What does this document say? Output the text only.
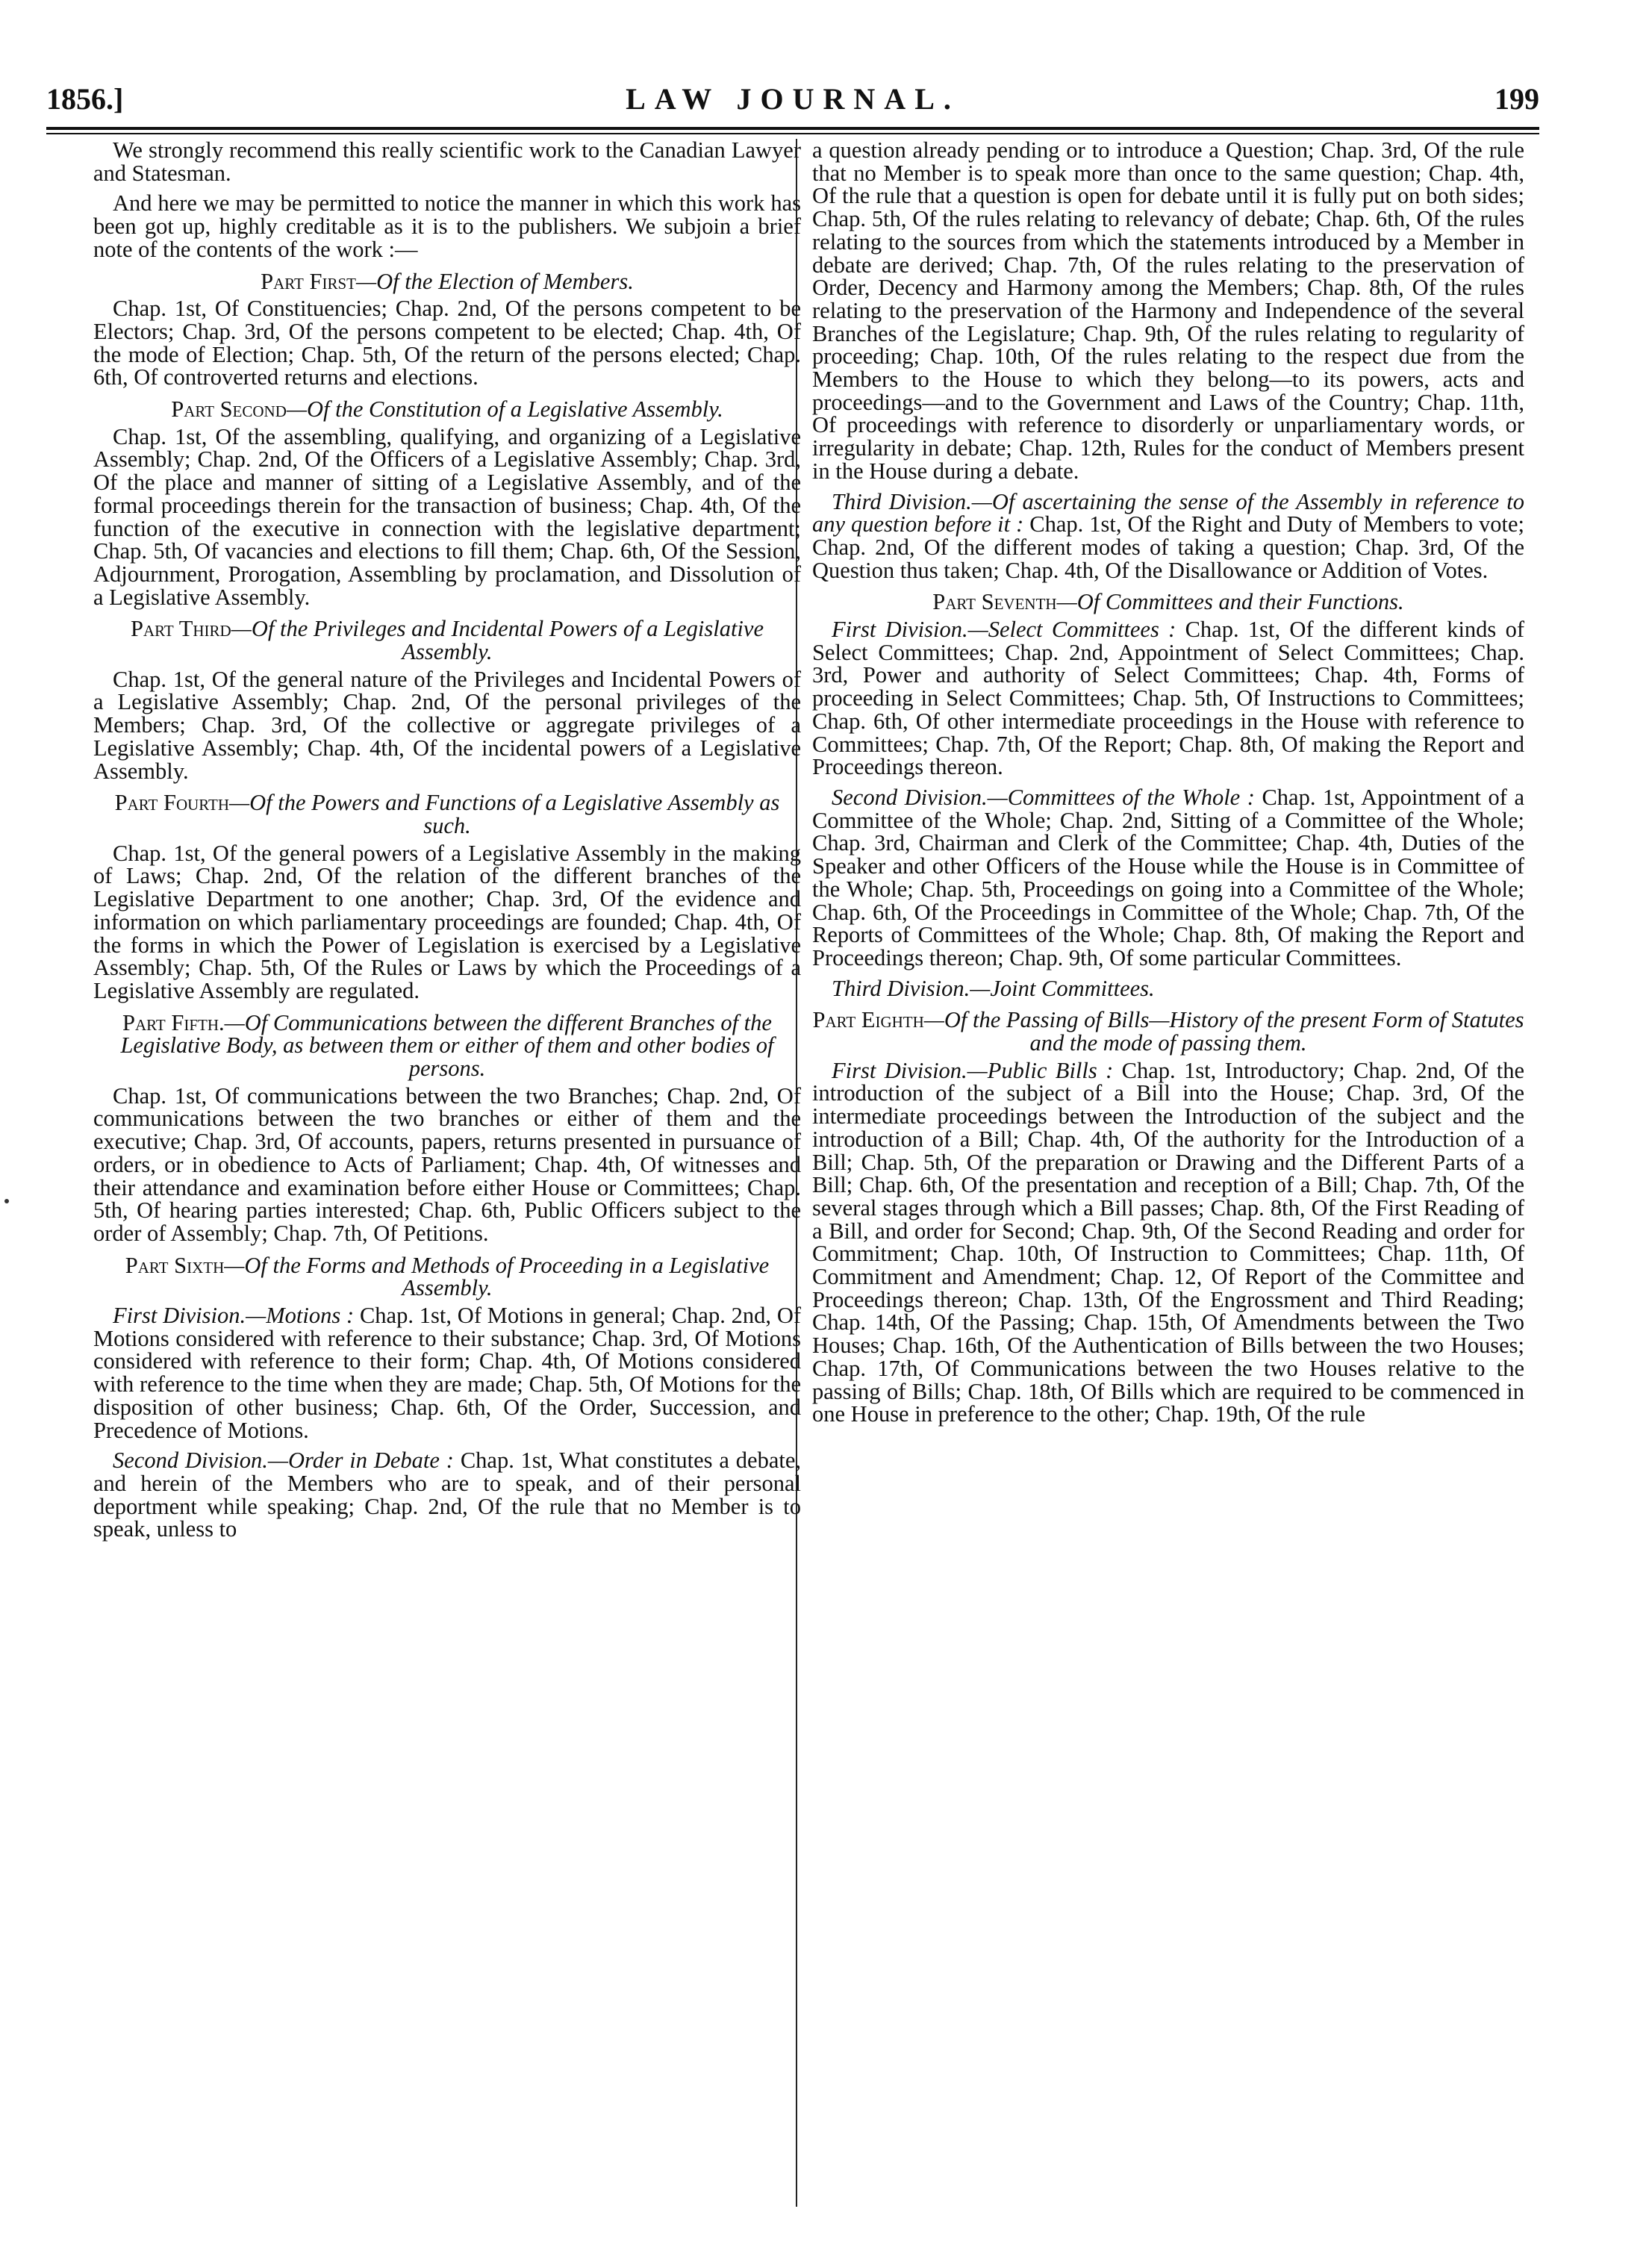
1856.]	LAW JOURNAL.	199

We strongly recommend this really scientific work to the Canadian Lawyer and Statesman.

And here we may be permitted to notice the manner in which this work has been got up, highly creditable as it is to the publishers. We subjoin a brief note of the contents of the work :—

Part First—Of the Election of Members.

Chap. 1st, Of Constituencies; Chap. 2nd, Of the persons competent to be Electors; Chap. 3rd, Of the persons competent to be elected; Chap. 4th, Of the mode of Election; Chap. 5th, Of the return of the persons elected; Chap. 6th, Of controverted returns and elections.

Part Second—Of the Constitution of a Legislative Assembly.

Chap. 1st, Of the assembling, qualifying, and organizing of a Legislative Assembly; Chap. 2nd, Of the Officers of a Legislative Assembly; Chap. 3rd, Of the place and manner of sitting of a Legislative Assembly, and of the formal proceedings therein for the transaction of business; Chap. 4th, Of the function of the executive in connection with the legislative department; Chap. 5th, Of vacancies and elections to fill them; Chap. 6th, Of the Session, Adjournment, Prorogation, Assembling by proclamation, and Dissolution of a Legislative Assembly.

Part Third—Of the Privileges and Incidental Powers of a Legislative Assembly.

Chap. 1st, Of the general nature of the Privileges and Incidental Powers of a Legislative Assembly; Chap. 2nd, Of the personal privileges of the Members; Chap. 3rd, Of the collective or aggregate privileges of a Legislative Assembly; Chap. 4th, Of the incidental powers of a Legislative Assembly.

Part Fourth—Of the Powers and Functions of a Legislative Assembly as such.

Chap. 1st, Of the general powers of a Legislative Assembly in the making of Laws; Chap. 2nd, Of the relation of the different branches of the Legislative Department to one another; Chap. 3rd, Of the evidence and information on which parliamentary proceedings are founded; Chap. 4th, Of the forms in which the Power of Legislation is exercised by a Legislative Assembly; Chap. 5th, Of the Rules or Laws by which the Proceedings of a Legislative Assembly are regulated.

Part Fifth.—Of Communications between the different Branches of the Legislative Body, as between them or either of them and other bodies of persons.

Chap. 1st, Of communications between the two Branches; Chap. 2nd, Of communications between the two branches or either of them and the executive; Chap. 3rd, Of accounts, papers, returns presented in pursuance of orders, or in obedience to Acts of Parliament; Chap. 4th, Of witnesses and their attendance and examination before either House or Committees; Chap. 5th, Of hearing parties interested; Chap. 6th, Public Officers subject to the order of Assembly; Chap. 7th, Of Petitions.

Part Sixth—Of the Forms and Methods of Proceeding in a Legislative Assembly.

First Division.—Motions : Chap. 1st, Of Motions in general; Chap. 2nd, Of Motions considered with reference to their substance; Chap. 3rd, Of Motions considered with reference to their form; Chap. 4th, Of Motions considered with reference to the time when they are made; Chap. 5th, Of Motions for the disposition of other business; Chap. 6th, Of the Order, Succession, and Precedence of Motions.

Second Division.—Order in Debate : Chap. 1st, What constitutes a debate, and herein of the Members who are to speak, and of their personal deportment while speaking; Chap. 2nd, Of the rule that no Member is to speak, unless to

a question already pending or to introduce a Question; Chap. 3rd, Of the rule that no Member is to speak more than once to the same question; Chap. 4th, Of the rule that a question is open for debate until it is fully put on both sides; Chap. 5th, Of the rules relating to relevancy of debate; Chap. 6th, Of the rules relating to the sources from which the statements introduced by a Member in debate are derived; Chap. 7th, Of the rules relating to the preservation of Order, Decency and Harmony among the Members; Chap. 8th, Of the rules relating to the preservation of the Harmony and Independence of the several Branches of the Legislature; Chap. 9th, Of the rules relating to regularity of proceeding; Chap. 10th, Of the rules relating to the respect due from the Members to the House to which they belong—to its powers, acts and proceedings—and to the Government and Laws of the Country; Chap. 11th, Of proceedings with reference to disorderly or unparliamentary words, or irregularity in debate; Chap. 12th, Rules for the conduct of Members present in the House during a debate.

Third Division.—Of ascertaining the sense of the Assembly in reference to any question before it : Chap. 1st, Of the Right and Duty of Members to vote; Chap. 2nd, Of the different modes of taking a question; Chap. 3rd, Of the Question thus taken; Chap. 4th, Of the Disallowance or Addition of Votes.

Part Seventh—Of Committees and their Functions.

First Division.—Select Committees : Chap. 1st, Of the different kinds of Select Committees; Chap. 2nd, Appointment of Select Committees; Chap. 3rd, Power and authority of Select Committees; Chap. 4th, Forms of proceeding in Select Committees; Chap. 5th, Of Instructions to Committees; Chap. 6th, Of other intermediate proceedings in the House with reference to Committees; Chap. 7th, Of the Report; Chap. 8th, Of making the Report and Proceedings thereon.

Second Division.—Committees of the Whole : Chap. 1st, Appointment of a Committee of the Whole; Chap. 2nd, Sitting of a Committee of the Whole; Chap. 3rd, Chairman and Clerk of the Committee; Chap. 4th, Duties of the Speaker and other Officers of the House while the House is in Committee of the Whole; Chap. 5th, Proceedings on going into a Committee of the Whole; Chap. 6th, Of the Proceedings in Committee of the Whole; Chap. 7th, Of the Reports of Committees of the Whole; Chap. 8th, Of making the Report and Proceedings thereon; Chap. 9th, Of some particular Committees.

Third Division.—Joint Committees.

Part Eighth—Of the Passing of Bills—History of the present Form of Statutes and the mode of passing them.

First Division.—Public Bills : Chap. 1st, Introductory; Chap. 2nd, Of the introduction of the subject of a Bill into the House; Chap. 3rd, Of the intermediate proceedings between the Introduction of the subject and the introduction of a Bill; Chap. 4th, Of the authority for the Introduction of a Bill; Chap. 5th, Of the preparation or Drawing and the Different Parts of a Bill; Chap. 6th, Of the presentation and reception of a Bill; Chap. 7th, Of the several stages through which a Bill passes; Chap. 8th, Of the First Reading of a Bill, and order for Second; Chap. 9th, Of the Second Reading and order for Commitment; Chap. 10th, Of Instruction to Committees; Chap. 11th, Of Commitment and Amendment; Chap. 12, Of Report of the Committee and Proceedings thereon; Chap. 13th, Of the Engrossment and Third Reading; Chap. 14th, Of the Passing; Chap. 15th, Of Amendments between the Two Houses; Chap. 16th, Of the Authentication of Bills between the two Houses; Chap. 17th, Of Communications between the two Houses relative to the passing of Bills; Chap. 18th, Of Bills which are required to be commenced in one House in preference to the other; Chap. 19th, Of the rule
